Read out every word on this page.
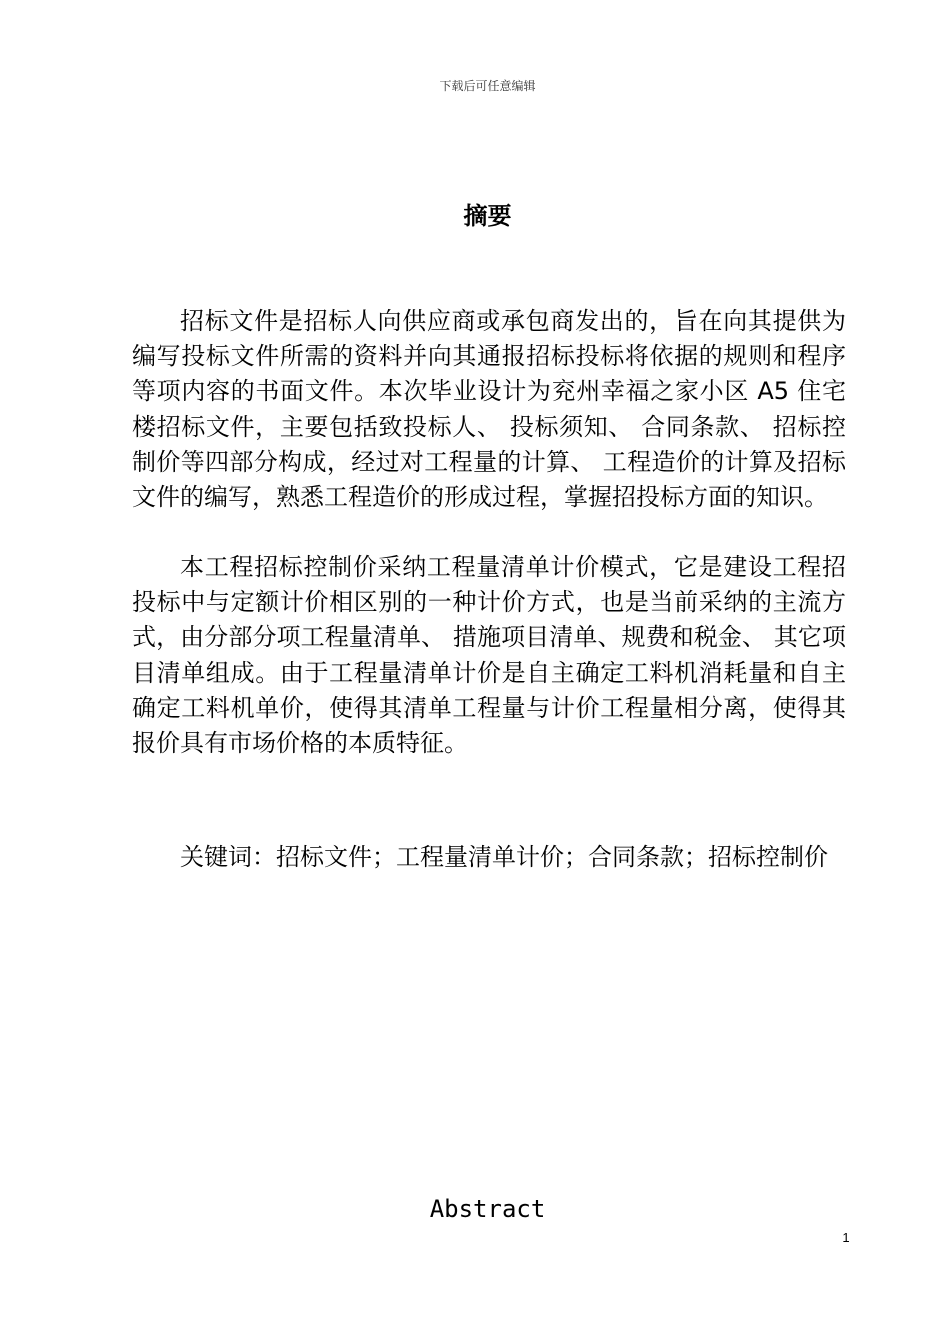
下载后可任意编辑
摘要

招标文件是招标人向供应商或承包商发出的，旨在向其提供为编写投标文件所需的资料并向其通报招标投标将依据的规则和程序等项内容的书面文件。本次毕业设计为兖州幸福之家小区 A5 住宅楼招标文件，主要包括致投标人、 投标须知、 合同条款、 招标控制价等四部分构成，经过对工程量的计算、 工程造价的计算及招标文件的编写，熟悉工程造价的形成过程，掌握招投标方面的知识。

本工程招标控制价采纳工程量清单计价模式，它是建设工程招投标中与定额计价相区别的一种计价方式，也是当前采纳的主流方式，由分部分项工程量清单、 措施项目清单、规费和税金、 其它项目清单组成。由于工程量清单计价是自主确定工料机消耗量和自主确定工料机单价，使得其清单工程量与计价工程量相分离，使得其报价具有市场价格的本质特征。

关键词：招标文件；工程量清单计价；合同条款；招标控制价

Abstract
1
